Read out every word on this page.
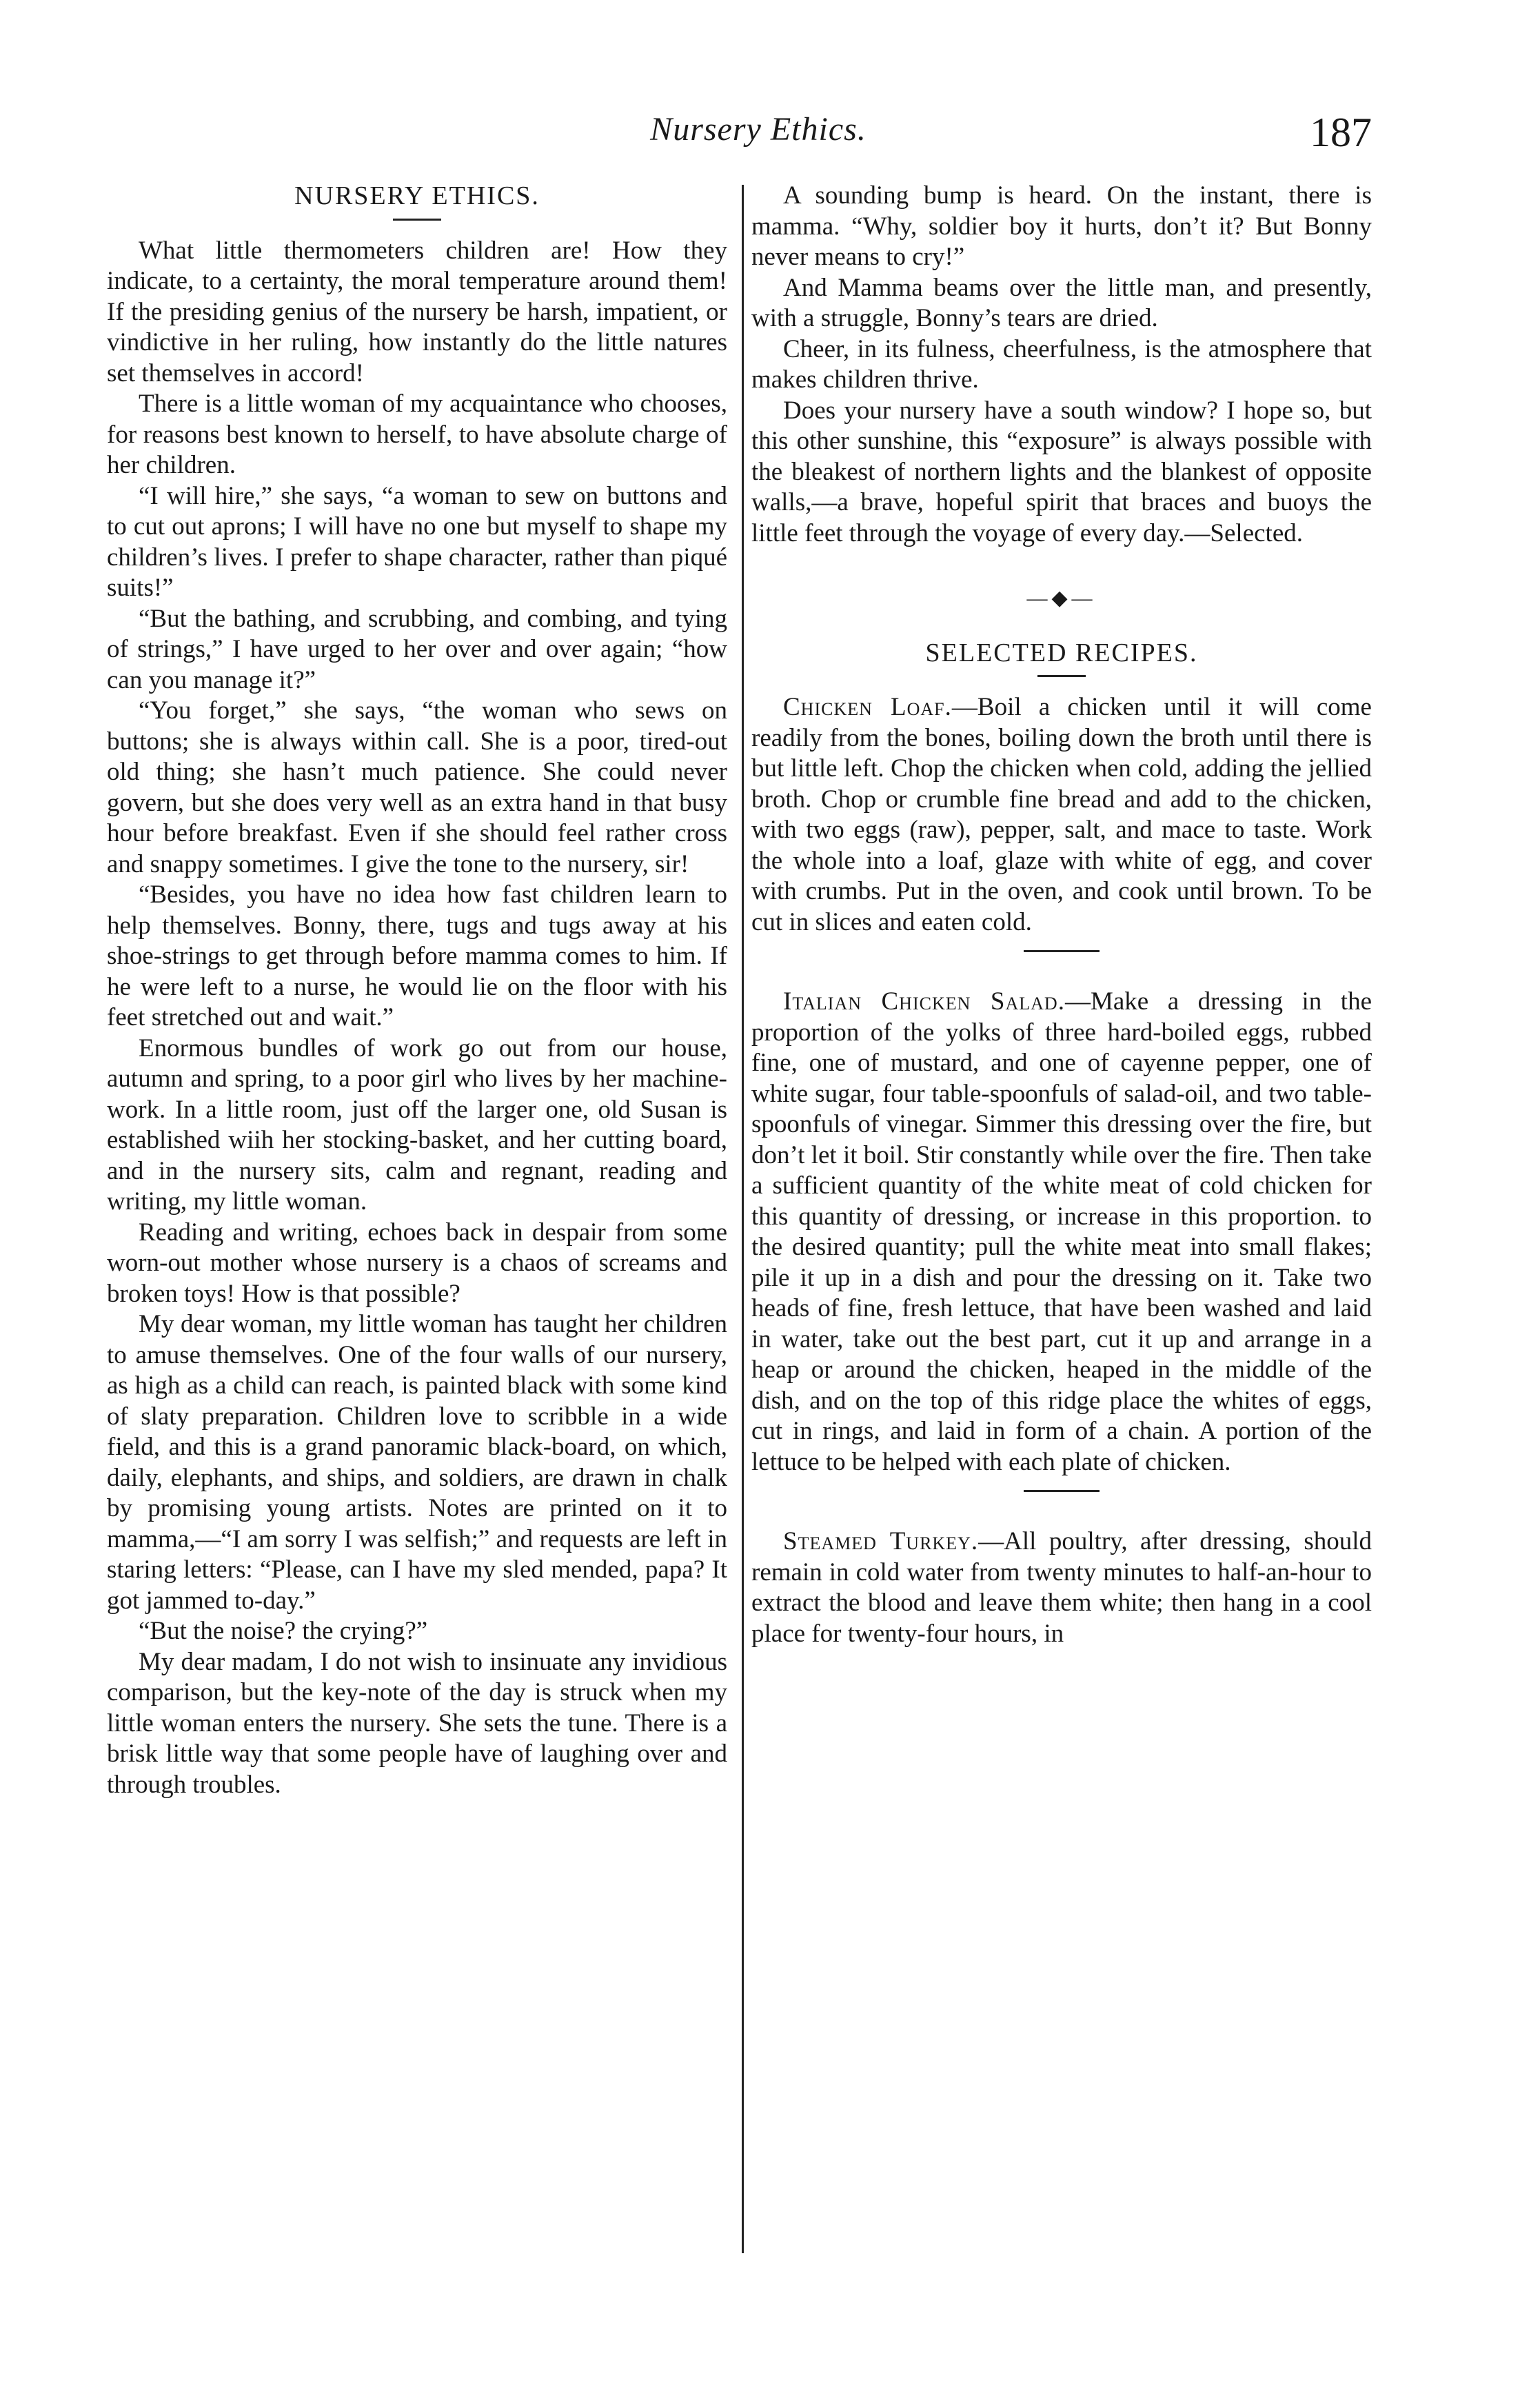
Nursery Ethics.	187
NURSERY ETHICS.

What little thermometers children are! How they indicate, to a certainty, the moral temperature around them! If the presiding genius of the nursery be harsh, impatient, or vindictive in her ruling, how instantly do the little natures set themselves in accord!

There is a little woman of my acquaintance who chooses, for reasons best known to herself, to have absolute charge of her children.

“I will hire,” she says, “a woman to sew on buttons and to cut out aprons; I will have no one but myself to shape my children’s lives. I prefer to shape character, rather than piqué suits!”

“But the bathing, and scrubbing, and combing, and tying of strings,” I have urged to her over and over again; “how can you manage it?”

“You forget,” she says, “the woman who sews on buttons; she is always within call. She is a poor, tired-out old thing; she hasn’t much patience. She could never govern, but she does very well as an extra hand in that busy hour before breakfast. Even if she should feel rather cross and snappy sometimes. I give the tone to the nursery, sir!

“Besides, you have no idea how fast children learn to help themselves. Bonny, there, tugs and tugs away at his shoe-strings to get through before mamma comes to him. If he were left to a nurse, he would lie on the floor with his feet stretched out and wait.”

Enormous bundles of work go out from our house, autumn and spring, to a poor girl who lives by her machine-work. In a little room, just off the larger one, old Susan is established wiih her stocking-basket, and her cutting board, and in the nursery sits, calm and regnant, reading and writing, my little woman.

Reading and writing, echoes back in despair from some worn-out mother whose nursery is a chaos of screams and broken toys! How is that possible?

My dear woman, my little woman has taught her children to amuse themselves. One of the four walls of our nursery, as high as a child can reach, is painted black with some kind of slaty preparation. Children love to scribble in a wide field, and this is a grand panoramic black-board, on which, daily, elephants, and ships, and soldiers, are drawn in chalk by promising young artists. Notes are printed on it to mamma,—“I am sorry I was selfish;” and requests are left in staring letters: “Please, can I have my sled mended, papa? It got jammed to-day.”

“But the noise? the crying?”

My dear madam, I do not wish to insinuate any invidious comparison, but the key-note of the day is struck when my little woman enters the nursery. She sets the tune. There is a brisk little way that some people have of laughing over and through troubles.

A sounding bump is heard. On the instant, there is mamma. “Why, soldier boy it hurts, don’t it? But Bonny never means to cry!”

And Mamma beams over the little man, and presently, with a struggle, Bonny’s tears are dried.

Cheer, in its fulness, cheerfulness, is the atmosphere that makes children thrive.

Does your nursery have a south window? I hope so, but this other sunshine, this “exposure” is always possible with the bleakest of northern lights and the blankest of opposite walls,—a brave, hopeful spirit that braces and buoys the little feet through the voyage of every day.—Selected.

—◆—
SELECTED RECIPES.

Chicken Loaf.—Boil a chicken until it will come readily from the bones, boiling down the broth until there is but little left. Chop the chicken when cold, adding the jellied broth. Chop or crumble fine bread and add to the chicken, with two eggs (raw), pepper, salt, and mace to taste. Work the whole into a loaf, glaze with white of egg, and cover with crumbs. Put in the oven, and cook until brown. To be cut in slices and eaten cold.

Italian Chicken Salad.—Make a dressing in the proportion of the yolks of three hard-boiled eggs, rubbed fine, one of mustard, and one of cayenne pepper, one of white sugar, four table-spoonfuls of salad-oil, and two table-spoonfuls of vinegar. Simmer this dressing over the fire, but don’t let it boil. Stir constantly while over the fire. Then take a sufficient quantity of the white meat of cold chicken for this quantity of dressing, or increase in this proportion. to the desired quantity; pull the white meat into small flakes; pile it up in a dish and pour the dressing on it. Take two heads of fine, fresh lettuce, that have been washed and laid in water, take out the best part, cut it up and arrange in a heap or around the chicken, heaped in the middle of the dish, and on the top of this ridge place the whites of eggs, cut in rings, and laid in form of a chain. A portion of the lettuce to be helped with each plate of chicken.

Steamed Turkey.—All poultry, after dressing, should remain in cold water from twenty minutes to half-an-hour to extract the blood and leave them white; then hang in a cool place for twenty-four hours, in
